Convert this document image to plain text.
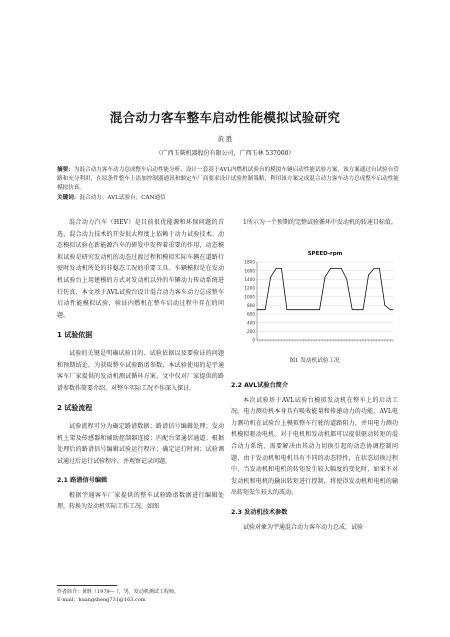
混合动力客车整车启动性能模拟试验研究
黄 胜
（广西玉柴机器股份有限公司，广西玉林 537000）
摘要：为混合动力客车动力总成整车启动性能分析，设计一套基于AVL内燃机试验台的模拟车辆启动性能试验方案，该方案通过台试验台管路和充分利用，在原条件整车上添加控制器通讯和额定车厂商要求设计试验控制策略，利用该方案完成混合动力客车动力总成整车启动性能模拟仿真。
关键词：混合动力；AVL试验台；CAN通信

混合动力汽车（HEV）是目前很优能源和环保问题的首选，混合动力技术的开发很大程度上依赖于动力试验技术。动态模拟试验在新能源汽车的研发中发挥着重要的作用，动态模拟试验是研究发动机的动态过渡过程和模拟实际车辆在道路行驶时发动机所处的非稳态工况的重要工具。车辆模拟是在发动机试验台上用建模的方式对发动机以外的车辆动力传动系统进行仿真，本文基于AVL试验台设计混合动力客车动力总成整车启动性能模拟试验，验证内燃机在整车启动过程中存在的问题。

1 试验依据

试验的关键是明确试验目的、试验依据以及要验证的问题和预期结论。为获取整车试验路谱参数，本试验使用的是宇通客车厂家提供的发动机测试循环方案，文中仅对厂家提供的路谱参数作简要介绍，对整车实际工况不作深入探讨。

2 试验流程

试验流程可分为确定路谱数据；路谱信号编辑处理；发动机上架及传感器和辅助控制器连接；匹配台架通信通道；根据处理后的路谱信号编辑试验运行程序；确定运行时间；试验调试通过后运行试验程序，并观察记录问题。

2.1 路谱信号编辑

根据宇通客车厂家提供的整车试验路谱数据进行编辑处理，转换为发动机实际工作工况。如图

1所示为一个预期的完整试验循环中发动机的转速目标值。

SPEED-rpm
1800
1600
1400
1200
1000
800
600
400
200
0
图1 发动机试验工况
2.2 AVL试验台简介

本次试验基于AVL试验台模拟发动机在整车上的启动工况。电力测功机本身具有吸收能量和传递动力的功能，AVL电力测功机在试验台上模拟整车行驶的道路阻力，并用电力测功机模拟驱动电机。对于电机和发动机都可以提供驱动转矩的混合动力系统，需要解决由其动力切换引起的动态协调控制问题，由于发动机和电机具有不同的动态特性，在状态切换过程中，当发动机和电机的转矩发生较大幅度的变化时，如果不对发动机和电机的输出转矩进行控制，将使得发动机和电机的输出转矩发生较大的波动。

2.3 发动机技术参数

试验对象为宇通混合动力客车动力总成，试验

作者简介：黄胜（1979— ），男，发动机测试工程师。
E-mail：huangsheng731@163.com
